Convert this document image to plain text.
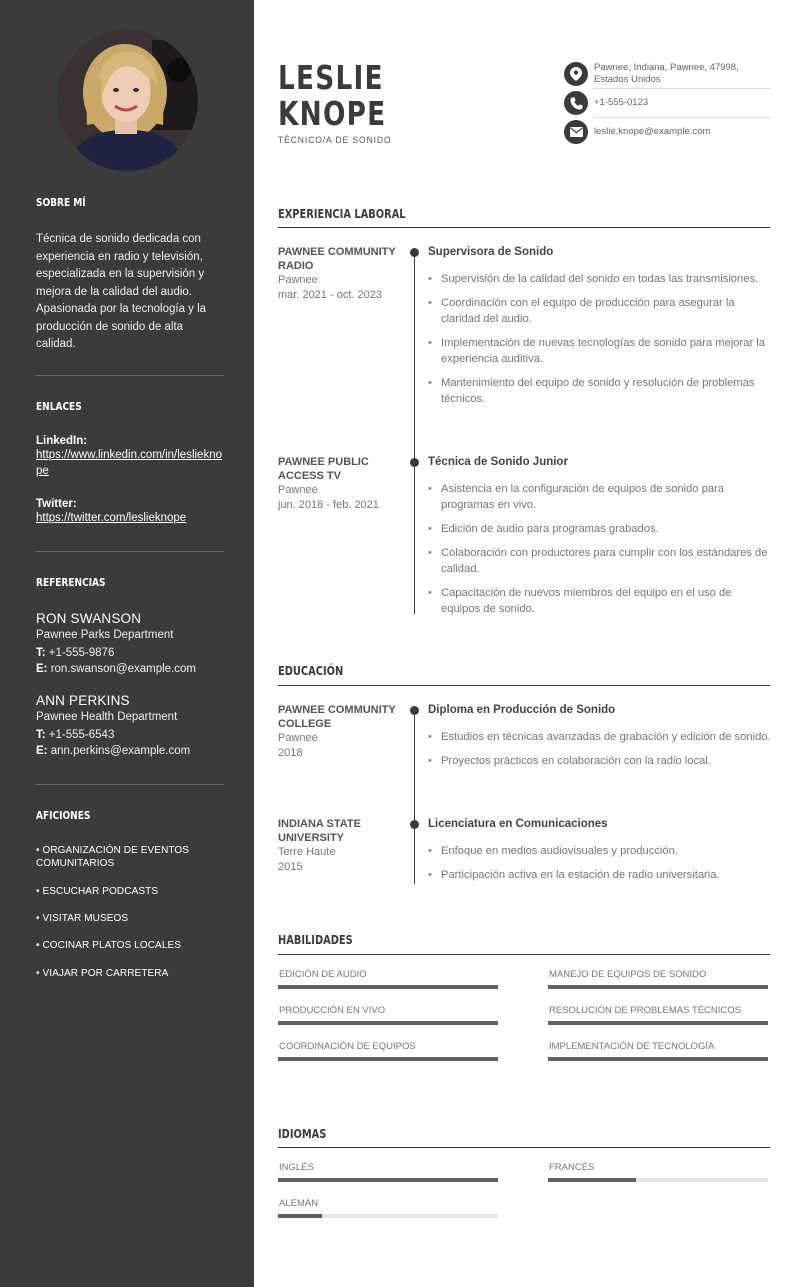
SOBRE MÍ
Técnica de sonido dedicada con experiencia en radio y televisión, especializada en la supervisión y mejora de la calidad del audio. Apasionada por la tecnología y la producción de sonido de alta calidad.
ENLACES
LinkedIn:
https://www.linkedin.com/in/leslieknope
Twitter:
https://twitter.com/leslieknope
REFERENCIAS
RON SWANSON
Pawnee Parks Department
T: +1-555-9876
E: ron.swanson@example.com
ANN PERKINS
Pawnee Health Department
T: +1-555-6543
E: ann.perkins@example.com
AFICIONES
• ORGANIZACIÓN DE EVENTOS COMUNITARIOS
• ESCUCHAR PODCASTS
• VISITAR MUSEOS
• COCINAR PLATOS LOCALES
• VIAJAR POR CARRETERA
LESLIE
KNOPE
TÉCNICO/A DE SONIDO
Pawnee, Indiana, Pawnee, 47998, Estados Unidos
+1-555-0123
leslie.knope@example.com
EXPERIENCIA LABORAL
PAWNEE COMMUNITY RADIO
Pawnee
mar. 2021 - oct. 2023
Supervisora de Sonido
• Supervisión de la calidad del sonido en todas las transmisiones.
• Coordinación con el equipo de producción para asegurar la claridad del audio.
• Implementación de nuevas tecnologías de sonido para mejorar la experiencia auditiva.
• Mantenimiento del equipo de sonido y resolución de problemas técnicos.
PAWNEE PUBLIC ACCESS TV
Pawnee
jun. 2018 - feb. 2021
Técnica de Sonido Junior
• Asistencia en la configuración de equipos de sonido para programas en vivo.
• Edición de audio para programas grabados.
• Colaboración con productores para cumplir con los estándares de calidad.
• Capacitación de nuevos miembros del equipo en el uso de equipos de sonido.
EDUCACIÓN
PAWNEE COMMUNITY COLLEGE
Pawnee
2018
Diploma en Producción de Sonido
• Estudios en técnicas avanzadas de grabación y edición de sonido.
• Proyectos prácticos en colaboración con la radio local.
INDIANA STATE UNIVERSITY
Terre Haute
2015
Licenciatura en Comunicaciones
• Enfoque en medios audiovisuales y producción.
• Participación activa en la estación de radio universitaria.
HABILIDADES
EDICIÓN DE AUDIO	MANEJO DE EQUIPOS DE SONIDO
PRODUCCIÓN EN VIVO	RESOLUCIÓN DE PROBLEMAS TÉCNICOS
COORDINACIÓN DE EQUIPOS	IMPLEMENTACIÓN DE TECNOLOGÍA
IDIOMAS
INGLÉS	FRANCÉS
ALEMÁN
